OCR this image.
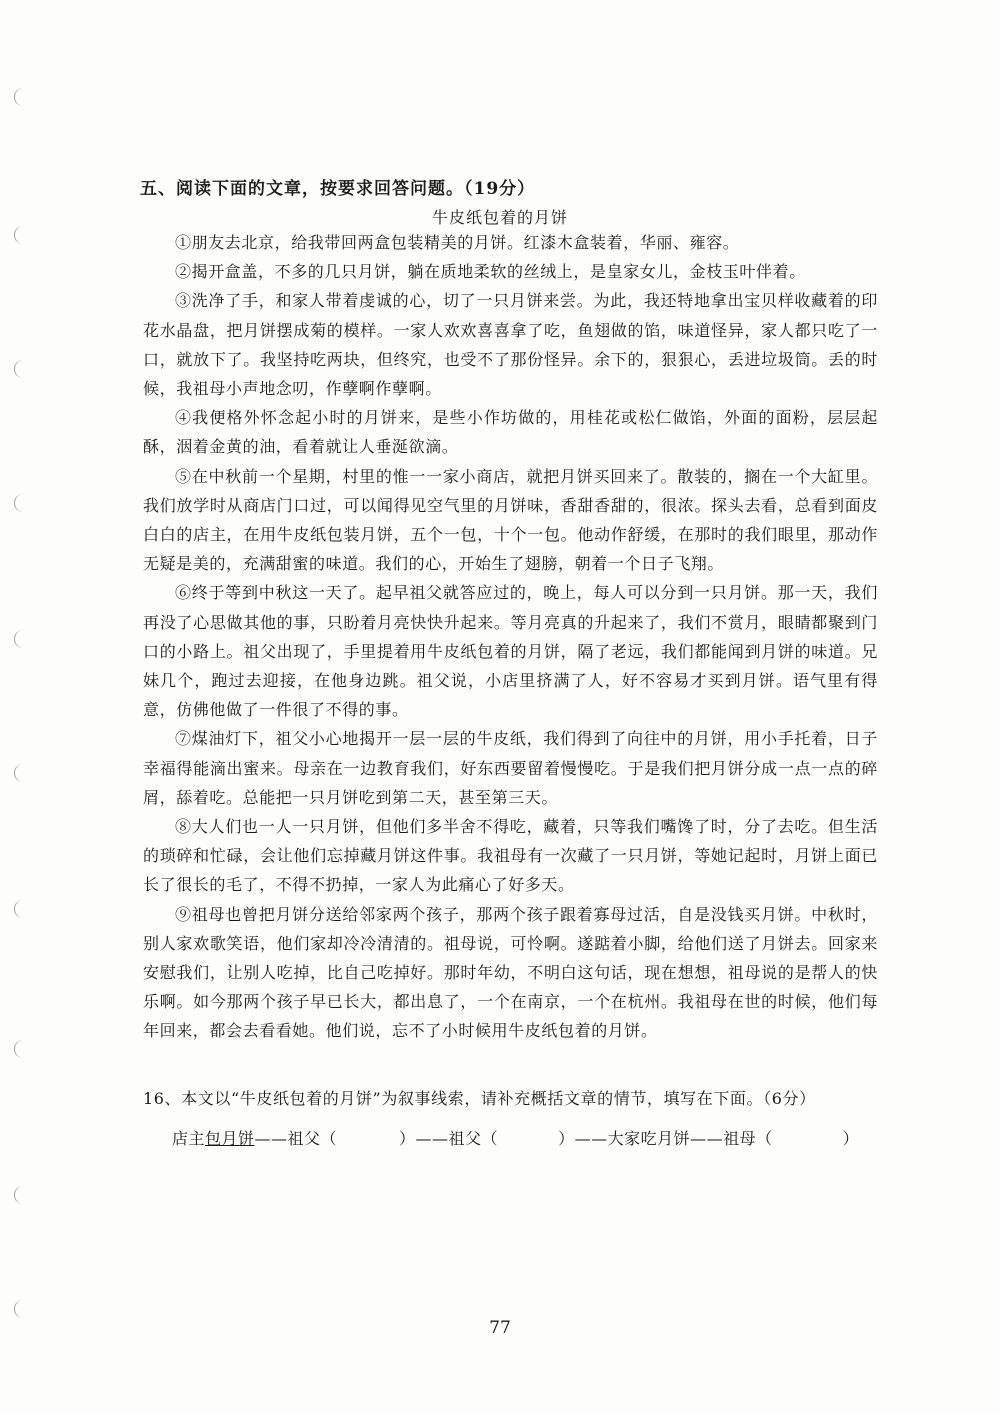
五、阅读下面的文章，按要求回答问题。（19分）
牛皮纸包着的月饼

①朋友去北京，给我带回两盒包装精美的月饼。红漆木盒装着，华丽、雍容。

②揭开盒盖，不多的几只月饼，躺在质地柔软的丝绒上，是皇家女儿，金枝玉叶伴着。

③洗净了手，和家人带着虔诚的心，切了一只月饼来尝。为此，我还特地拿出宝贝样收藏着的印花水晶盘，把月饼摆成菊的模样。一家人欢欢喜喜拿了吃，鱼翅做的馅，味道怪异，家人都只吃了一口，就放下了。我坚持吃两块，但终究，也受不了那份怪异。余下的，狠狠心，丢进垃圾筒。丢的时候，我祖母小声地念叨，作孽啊作孽啊。

④我便格外怀念起小时的月饼来，是些小作坊做的，用桂花或松仁做馅，外面的面粉，层层起酥，洇着金黄的油，看着就让人垂涎欲滴。

⑤在中秋前一个星期，村里的惟一一家小商店，就把月饼买回来了。散装的，搁在一个大缸里。我们放学时从商店门口过，可以闻得见空气里的月饼味，香甜香甜的，很浓。探头去看，总看到面皮白白的店主，在用牛皮纸包装月饼，五个一包，十个一包。他动作舒缓，在那时的我们眼里，那动作无疑是美的，充满甜蜜的味道。我们的心，开始生了翅膀，朝着一个日子飞翔。

⑥终于等到中秋这一天了。起早祖父就答应过的，晚上，每人可以分到一只月饼。那一天，我们再没了心思做其他的事，只盼着月亮快快升起来。等月亮真的升起来了，我们不赏月，眼睛都聚到门口的小路上。祖父出现了，手里提着用牛皮纸包着的月饼，隔了老远，我们都能闻到月饼的味道。兄妹几个，跑过去迎接，在他身边跳。祖父说，小店里挤满了人，好不容易才买到月饼。语气里有得意，仿佛他做了一件很了不得的事。

⑦煤油灯下，祖父小心地揭开一层一层的牛皮纸，我们得到了向往中的月饼，用小手托着，日子幸福得能滴出蜜来。母亲在一边教育我们，好东西要留着慢慢吃。于是我们把月饼分成一点一点的碎屑，舔着吃。总能把一只月饼吃到第二天，甚至第三天。

⑧大人们也一人一只月饼，但他们多半舍不得吃，藏着，只等我们嘴馋了时，分了去吃。但生活的琐碎和忙碌，会让他们忘掉藏月饼这件事。我祖母有一次藏了一只月饼，等她记起时，月饼上面已长了很长的毛了，不得不扔掉，一家人为此痛心了好多天。

⑨祖母也曾把月饼分送给邻家两个孩子，那两个孩子跟着寡母过活，自是没钱买月饼。中秋时，别人家欢歌笑语，他们家却冷冷清清的。祖母说，可怜啊。遂踮着小脚，给他们送了月饼去。回家来安慰我们，让别人吃掉，比自己吃掉好。那时年幼，不明白这句话，现在想想，祖母说的是帮人的快乐啊。如今那两个孩子早已长大，都出息了，一个在南京，一个在杭州。我祖母在世的时候，他们每年回来，都会去看看她。他们说，忘不了小时候用牛皮纸包着的月饼。

16、本文以“牛皮纸包着的月饼”为叙事线索，请补充概括文章的情节，填写在下面。（6分）
店主包月饼——祖父（	）——祖父（	）——大家吃月饼——祖母（	）
77
